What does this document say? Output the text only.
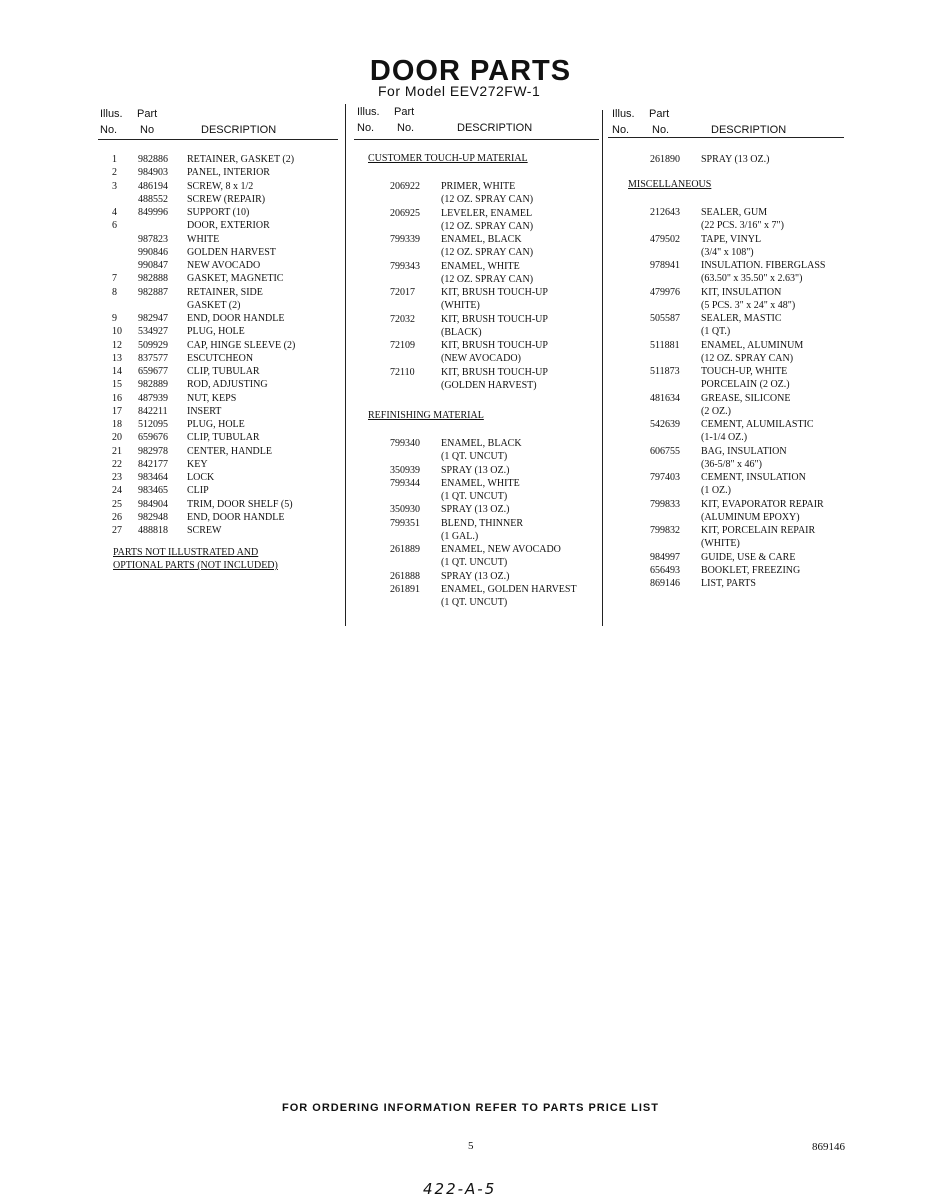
DOOR PARTS
For Model EEV272FW-1
Illus. Part
No. No	DESCRIPTION
Illus. Part
No. No.	DESCRIPTION
Illus. Part
No. No.	DESCRIPTION
1 982886 RETAINER, GASKET (2)
2 984903 PANEL, INTERIOR
3 486194 SCREW, 8 x 1/2
488552 SCREW (REPAIR)
4 849996 SUPPORT (10)
6	DOOR, EXTERIOR
987823 WHITE
990846 GOLDEN HARVEST
990847 NEW AVOCADO
7 982888 GASKET, MAGNETIC
8 982887 RETAINER, SIDE
GASKET (2)
9 982947 END, DOOR HANDLE
10 534927 PLUG, HOLE
12 509929 CAP, HINGE SLEEVE (2)
13 837577 ESCUTCHEON
14 659677 CLIP, TUBULAR
15 982889 ROD, ADJUSTING
16 487939 NUT, KEPS
17 842211 INSERT
18 512095 PLUG, HOLE
20 659676 CLIP, TUBULAR
21 982978 CENTER, HANDLE
22 842177 KEY
23 983464 LOCK
24 983465 CLIP
25 984904 TRIM, DOOR SHELF (5)
26 982948 END, DOOR HANDLE
27 488818 SCREW
PARTS NOT ILLUSTRATED AND
OPTIONAL PARTS (NOT INCLUDED)
CUSTOMER TOUCH-UP MATERIAL
206922 PRIMER, WHITE
(12 OZ. SPRAY CAN)
206925 LEVELER, ENAMEL
(12 OZ. SPRAY CAN)
799339 ENAMEL, BLACK
(12 OZ. SPRAY CAN)
799343 ENAMEL, WHITE
(12 OZ. SPRAY CAN)
72017	KIT, BRUSH TOUCH-UP
(WHITE)
72032	KIT, BRUSH TOUCH-UP
(BLACK)
72109	KIT, BRUSH TOUCH-UP
(NEW AVOCADO)
72110	KIT, BRUSH TOUCH-UP
(GOLDEN HARVEST)
REFINISHING MATERIAL
799340 ENAMEL, BLACK
(1 QT. UNCUT)
350939 SPRAY (13 OZ.)
799344 ENAMEL, WHITE
(1 QT. UNCUT)
350930 SPRAY (13 OZ.)
799351 BLEND, THINNER
(1 GAL.)
261889 ENAMEL, NEW AVOCADO
(1 QT. UNCUT)
261888 SPRAY (13 OZ.)
261891 ENAMEL, GOLDEN HARVEST
(1 QT. UNCUT)
261890 SPRAY (13 OZ.)
MISCELLANEOUS
212643 SEALER, GUM
(22 PCS. 3/16" x 7")
479502 TAPE, VINYL
(3/4" x 108")
978941 INSULATION. FIBERGLASS
(63.50" x 35.50" x 2.63")
479976 KIT, INSULATION
(5 PCS. 3" x 24" x 48")
505587 SEALER, MASTIC
(1 QT.)
511881 ENAMEL, ALUMINUM
(12 OZ. SPRAY CAN)
511873 TOUCH-UP, WHITE
PORCELAIN (2 OZ.)
481634 GREASE, SILICONE
(2 OZ.)
542639 CEMENT, ALUMILASTIC
(1-1/4 OZ.)
606755 BAG, INSULATION
(36-5/8" x 46")
797403 CEMENT, INSULATION
(1 OZ.)
799833 KIT, EVAPORATOR REPAIR
(ALUMINUM EPOXY)
799832 KIT, PORCELAIN REPAIR
(WHITE)
984997 GUIDE, USE & CARE
656493 BOOKLET, FREEZING
869146 LIST, PARTS
FOR ORDERING INFORMATION REFER TO PARTS PRICE LIST
5	869146
422-A-5
